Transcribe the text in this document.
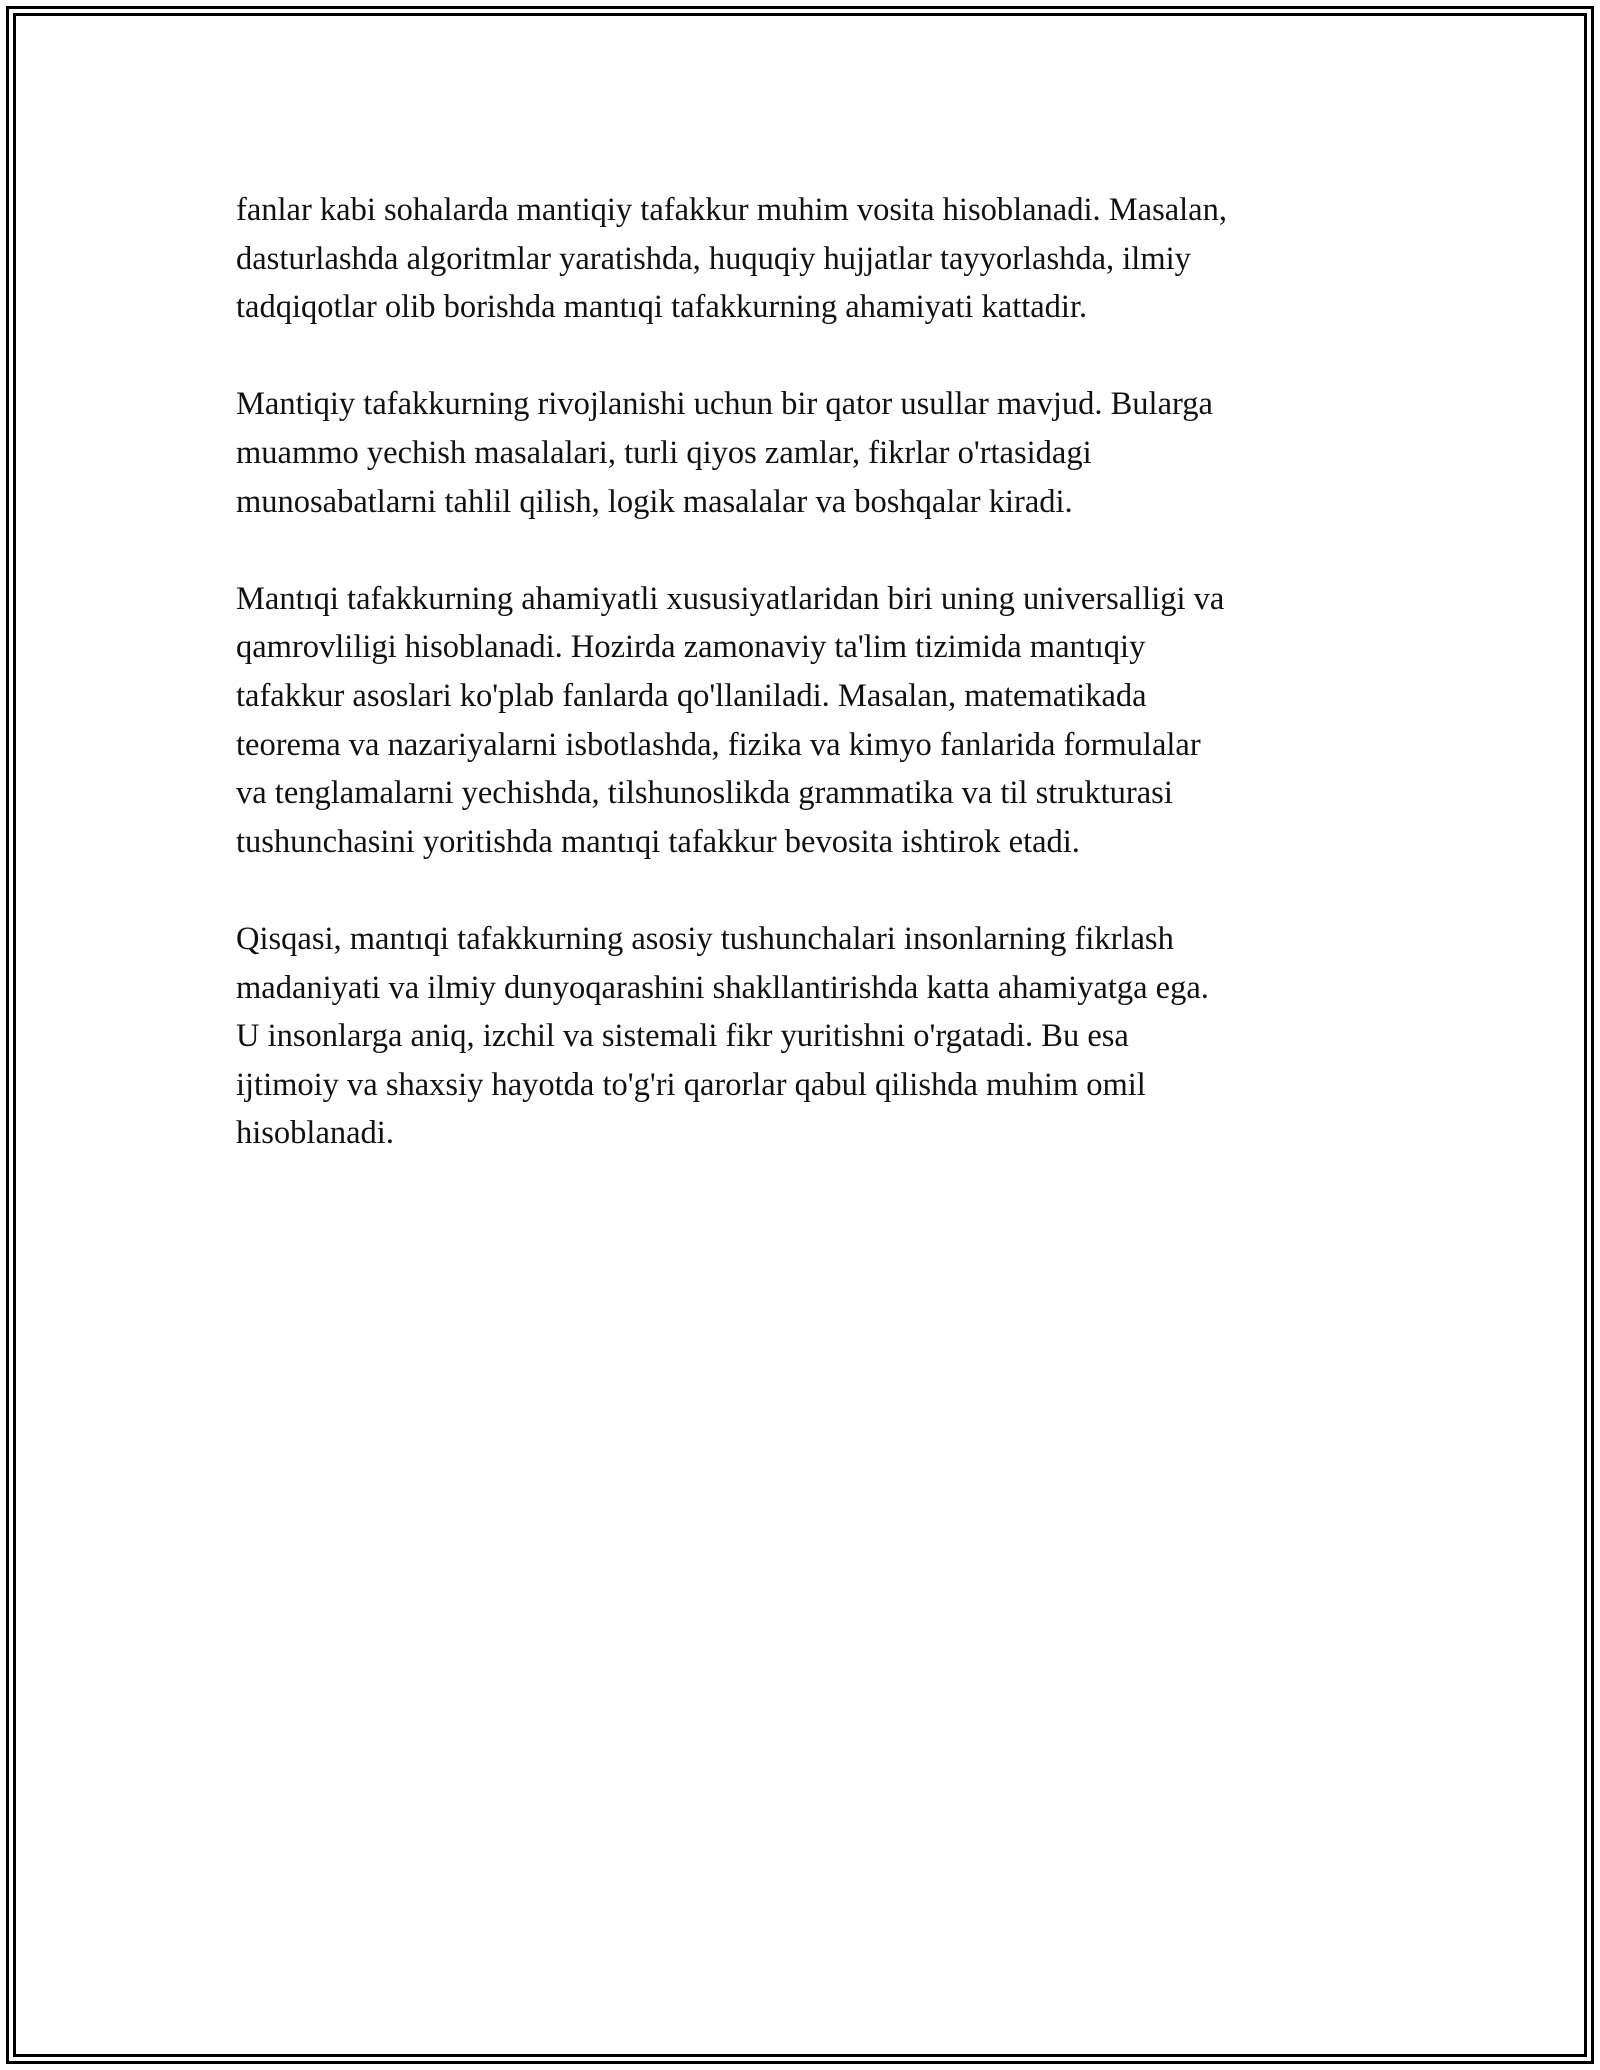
fanlar kabi sohalarda mantiqiy tafakkur muhim vosita hisoblanadi. Masalan,
dasturlashda algoritmlar yaratishda, huquqiy hujjatlar tayyorlashda, ilmiy
tadqiqotlar olib borishda mantıqi tafakkurning ahamiyati kattadir.

Mantiqiy tafakkurning rivojlanishi uchun bir qator usullar mavjud. Bularga
muammo yechish masalalari, turli qiyos zamlar, fikrlar o'rtasidagi
munosabatlarni tahlil qilish, logik masalalar va boshqalar kiradi.

Mantıqi tafakkurning ahamiyatli xususiyatlaridan biri uning universalligi va
qamrovliligi hisoblanadi. Hozirda zamonaviy ta'lim tizimida mantıqiy
tafakkur asoslari ko'plab fanlarda qo'llaniladi. Masalan, matematikada
teorema va nazariyalarni isbotlashda, fizika va kimyo fanlarida formulalar
va tenglamalarni yechishda, tilshunoslikda grammatika va til strukturasi
tushunchasini yoritishda mantıqi tafakkur bevosita ishtirok etadi.

Qisqasi, mantıqi tafakkurning asosiy tushunchalari insonlarning fikrlash
madaniyati va ilmiy dunyoqarashini shakllantirishda katta ahamiyatga ega.
U insonlarga aniq, izchil va sistemali fikr yuritishni o'rgatadi. Bu esa
ijtimoiy va shaxsiy hayotda to'g'ri qarorlar qabul qilishda muhim omil
hisoblanadi.
